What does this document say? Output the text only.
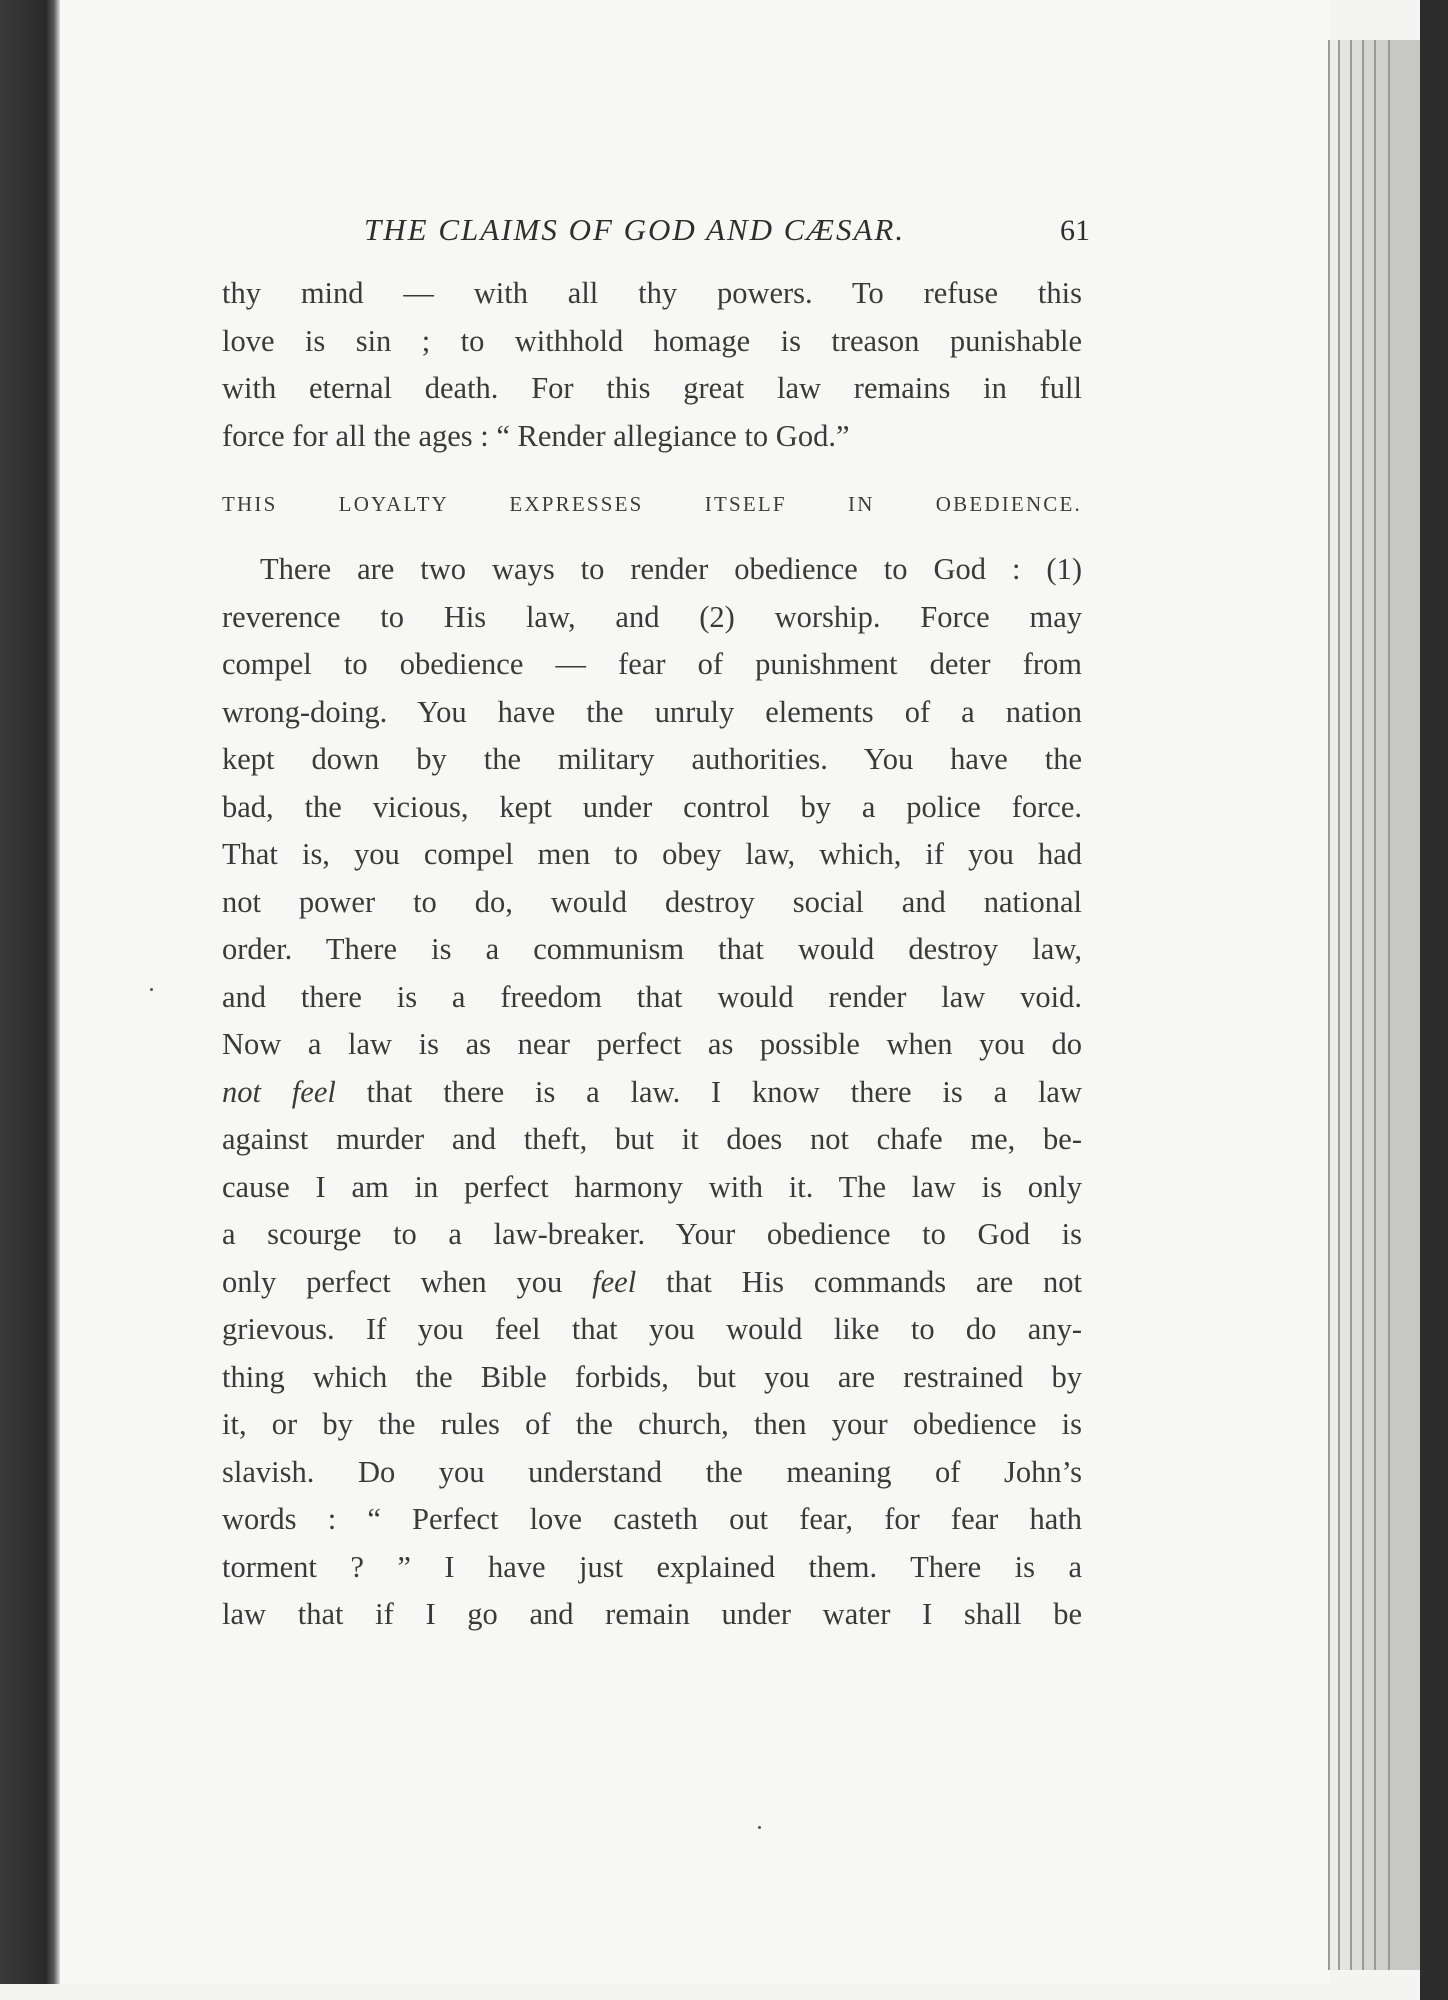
THE CLAIMS OF GOD AND CÆSAR.	61
thy mind — with all thy powers. To refuse this
love is sin ; to withhold homage is treason punishable
with eternal death. For this great law remains in full
force for all the ages : “ Render allegiance to God.”
THIS LOYALTY EXPRESSES ITSELF IN OBEDIENCE.
There are two ways to render obedience to God : (1)
reverence to His law, and (2) worship. Force may
compel to obedience — fear of punishment deter from
wrong-doing. You have the unruly elements of a nation
kept down by the military authorities. You have the
bad, the vicious, kept under control by a police force.
That is, you compel men to obey law, which, if you had
not power to do, would destroy social and national
order. There is a communism that would destroy law,
and there is a freedom that would render law void.
Now a law is as near perfect as possible when you do
not feel that there is a law. I know there is a law
against murder and theft, but it does not chafe me, be-
cause I am in perfect harmony with it. The law is only
a scourge to a law-breaker. Your obedience to God is
only perfect when you feel that His commands are not
grievous. If you feel that you would like to do any-
thing which the Bible forbids, but you are restrained by
it, or by the rules of the church, then your obedience is
slavish. Do you understand the meaning of John’s
words : “ Perfect love casteth out fear, for fear hath
torment ? ” I have just explained them. There is a
law that if I go and remain under water I shall be
